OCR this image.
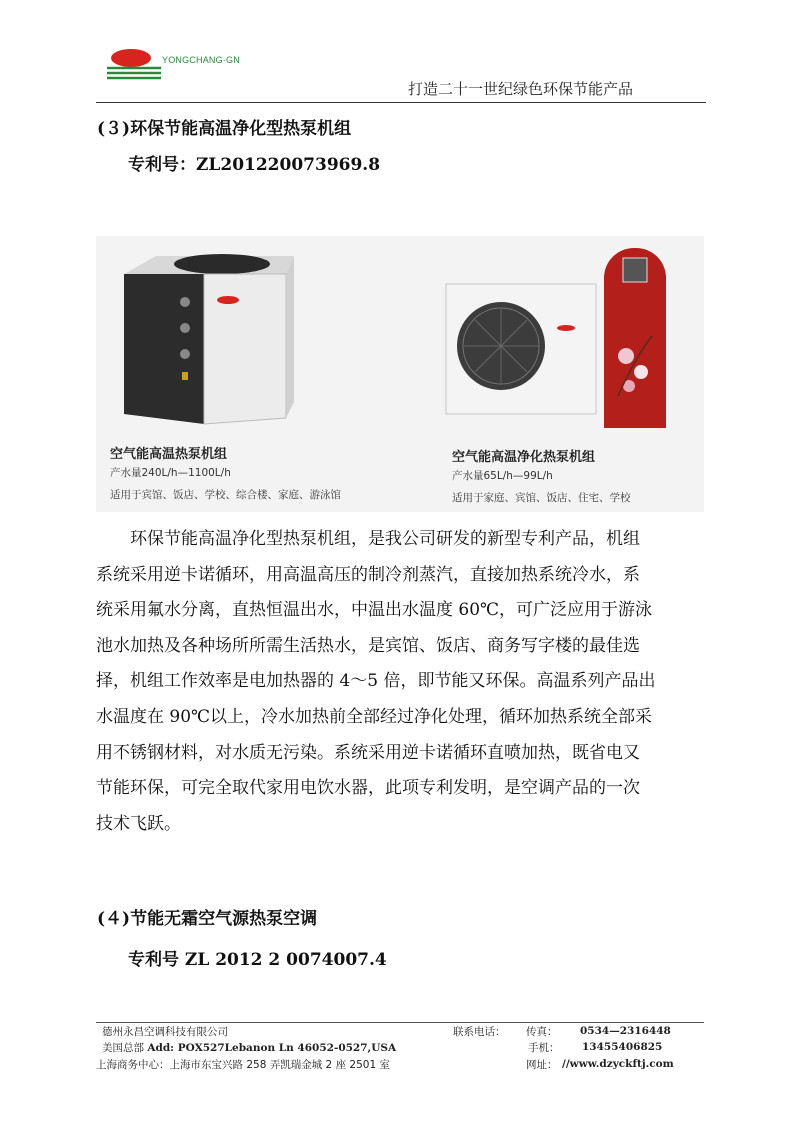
YONGCHANG·GN
打造二十一世纪绿色环保节能产品
(３)环保节能高温净化型热泵机组
专利号：ZL201220073969.8
空气能高温热泵机组
产水量240L/h—1100L/h
适用于宾馆、饭店、学校、综合楼、家庭、游泳馆
空气能高温净化热泵机组
产水量65L/h—99L/h
适用于家庭、宾馆、饭店、住宅、学校
环保节能高温净化型热泵机组，是我公司研发的新型专利产品，机组
系统采用逆卡诺循环，用高温高压的制冷剂蒸汽，直接加热系统冷水，系
统采用氟水分离，直热恒温出水，中温出水温度 60℃，可广泛应用于游泳
池水加热及各种场所所需生活热水，是宾馆、饭店、商务写字楼的最佳选
择，机组工作效率是电加热器的 4～5 倍，即节能又环保。高温系列产品出
水温度在 90℃以上，冷水加热前全部经过净化处理，循环加热系统全部采
用不锈钢材料，对水质无污染。系统采用逆卡诺循环直喷加热，既省电又
节能环保，可完全取代家用电饮水器，此项专利发明，是空调产品的一次
技术飞跃。
(４)节能无霜空气源热泵空调
专利号 ZL 2012 2 0074007.4
德州永昌空调科技有限公司
美国总部 Add: POX527Lebanon Ln 46052-0527,USA
上海商务中心：上海市东宝兴路 258 弄凯瑞金城 2 座 2501 室
联系电话： 传真： 0534—2316448
手机： 13455406825
网址： //www.dzyckftj.com
